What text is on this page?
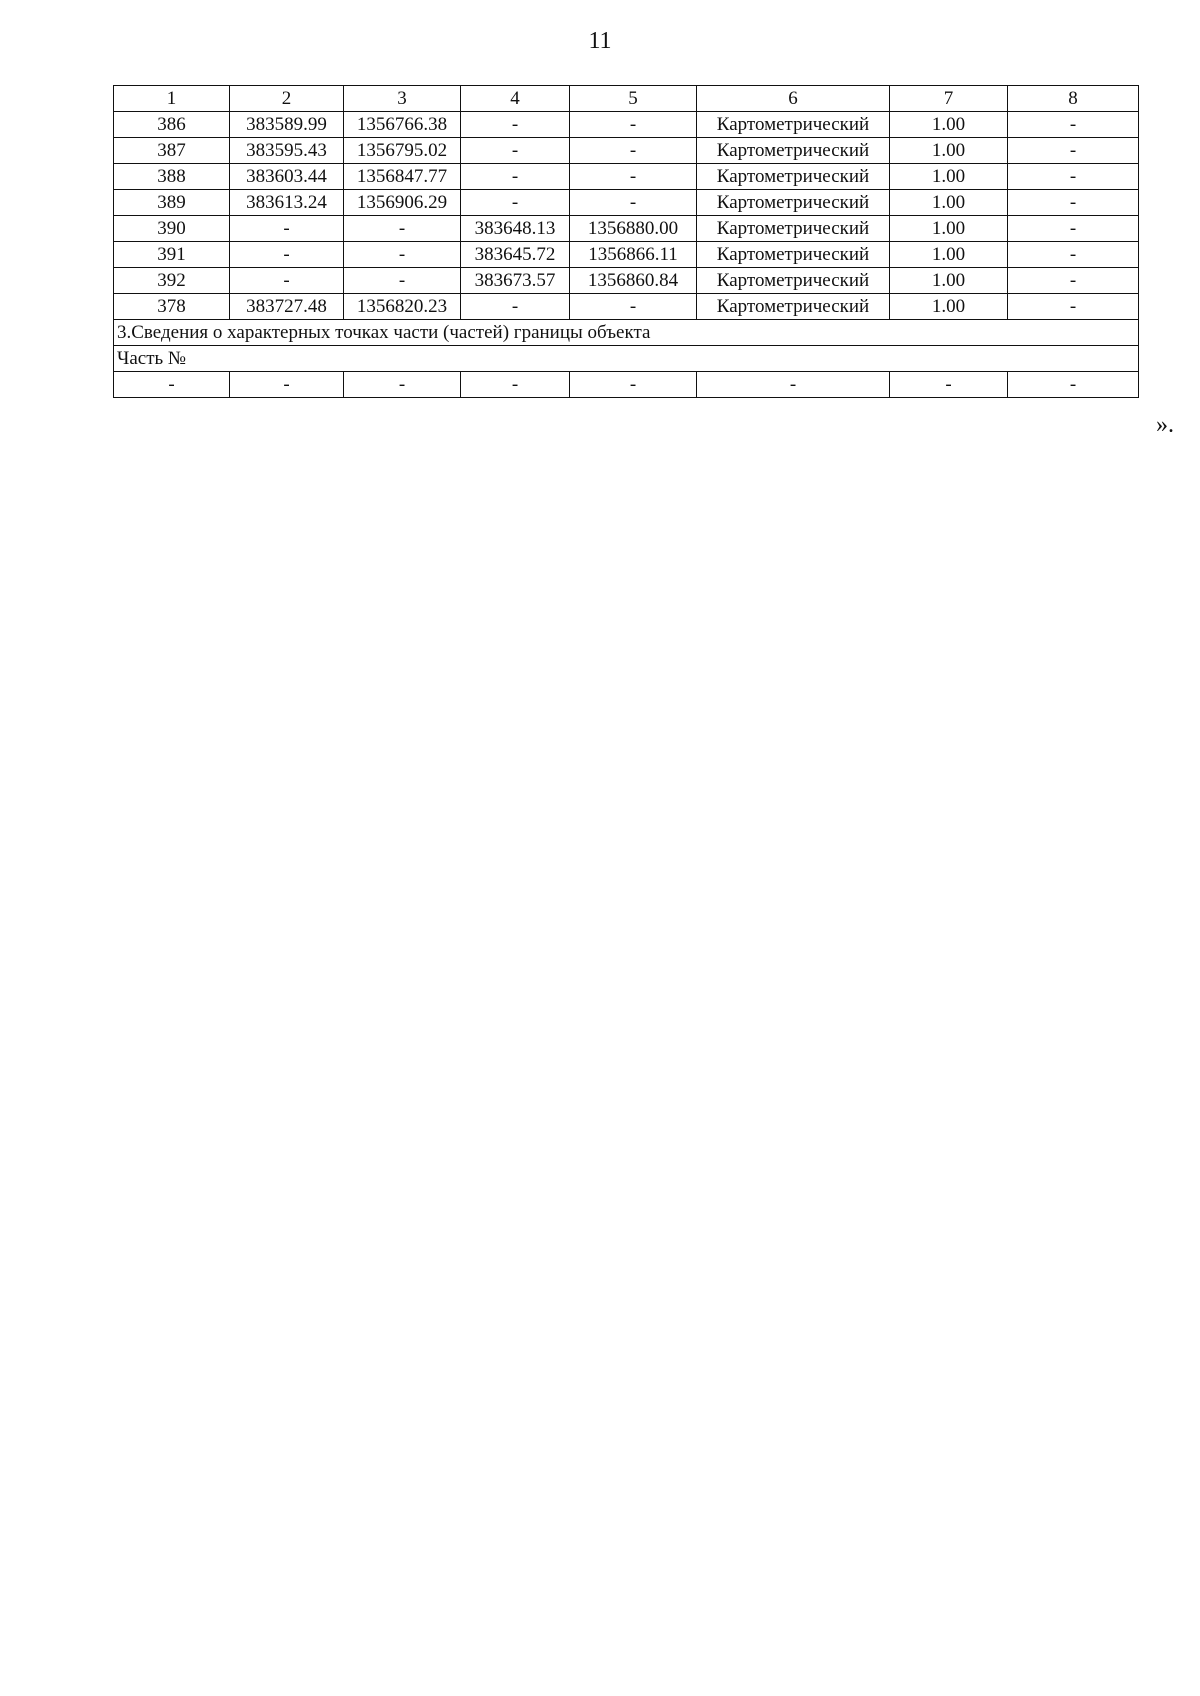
11
1	2	3	4	5	6	7	8
386	383589.99	1356766.38	-	-	Картометрический	1.00	-
387	383595.43	1356795.02	-	-	Картометрический	1.00	-
388	383603.44	1356847.77	-	-	Картометрический	1.00	-
389	383613.24	1356906.29	-	-	Картометрический	1.00	-
390	-	-	383648.13	1356880.00	Картометрический	1.00	-
391	-	-	383645.72	1356866.11	Картометрический	1.00	-
392	-	-	383673.57	1356860.84	Картометрический	1.00	-
378	383727.48	1356820.23	-	-	Картометрический	1.00	-
3.Сведения о характерных точках части (частей) границы объекта							
Часть №							
-	-	-	-	-	-	-	-
».
